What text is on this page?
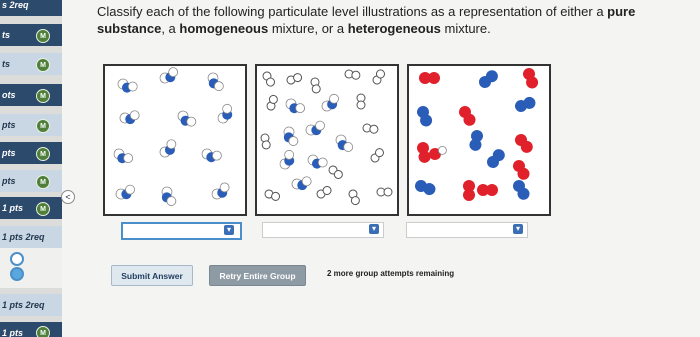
s 2req
ts	M
ts	M
ots	M
pts	M
pts	M
pts	M
1 pts	M
1 pts 2req
1 pts 2req
1 pts	M
<
Classify each of the following particulate level illustrations as a representation of either a pure substance, a homogeneous mixture, or a heterogeneous mixture.
▾	▾	▾
Submit Answer	Retry Entire Group	2 more group attempts remaining
